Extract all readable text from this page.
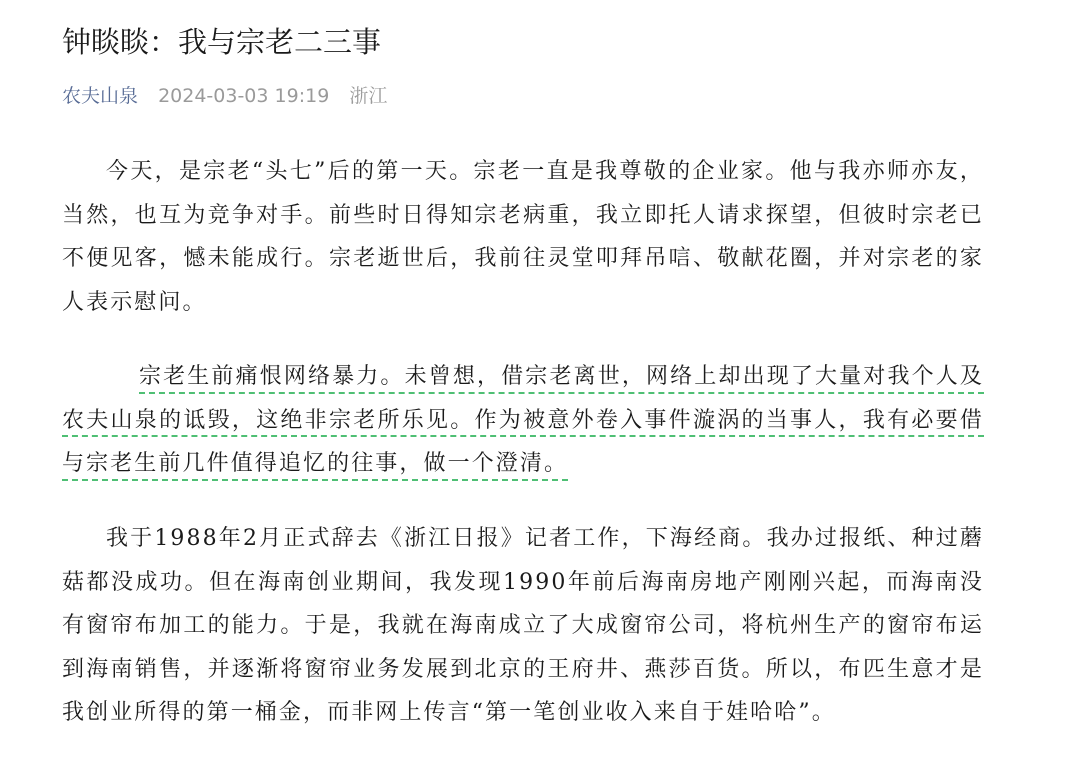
钟睒睒：我与宗老二三事
农夫山泉 2024-03-03 19:19 浙江

今天，是宗老“头七”后的第一天。宗老一直是我尊敬的企业家。他与我亦师亦友，当然，也互为竞争对手。前些时日得知宗老病重，我立即托人请求探望，但彼时宗老已不便见客，憾未能成行。宗老逝世后，我前往灵堂叩拜吊唁、敬献花圈，并对宗老的家人表示慰问。

宗老生前痛恨网络暴力。未曾想，借宗老离世，网络上却出现了大量对我个人及农夫山泉的诋毁，这绝非宗老所乐见。作为被意外卷入事件漩涡的当事人，我有必要借与宗老生前几件值得追忆的往事，做一个澄清。

我于1988年2月正式辞去《浙江日报》记者工作，下海经商。我办过报纸、种过蘑菇都没成功。但在海南创业期间，我发现1990年前后海南房地产刚刚兴起，而海南没有窗帘布加工的能力。于是，我就在海南成立了大成窗帘公司，将杭州生产的窗帘布运到海南销售，并逐渐将窗帘业务发展到北京的王府井、燕莎百货。所以，布匹生意才是我创业所得的第一桶金，而非网上传言“第一笔创业收入来自于娃哈哈”。
